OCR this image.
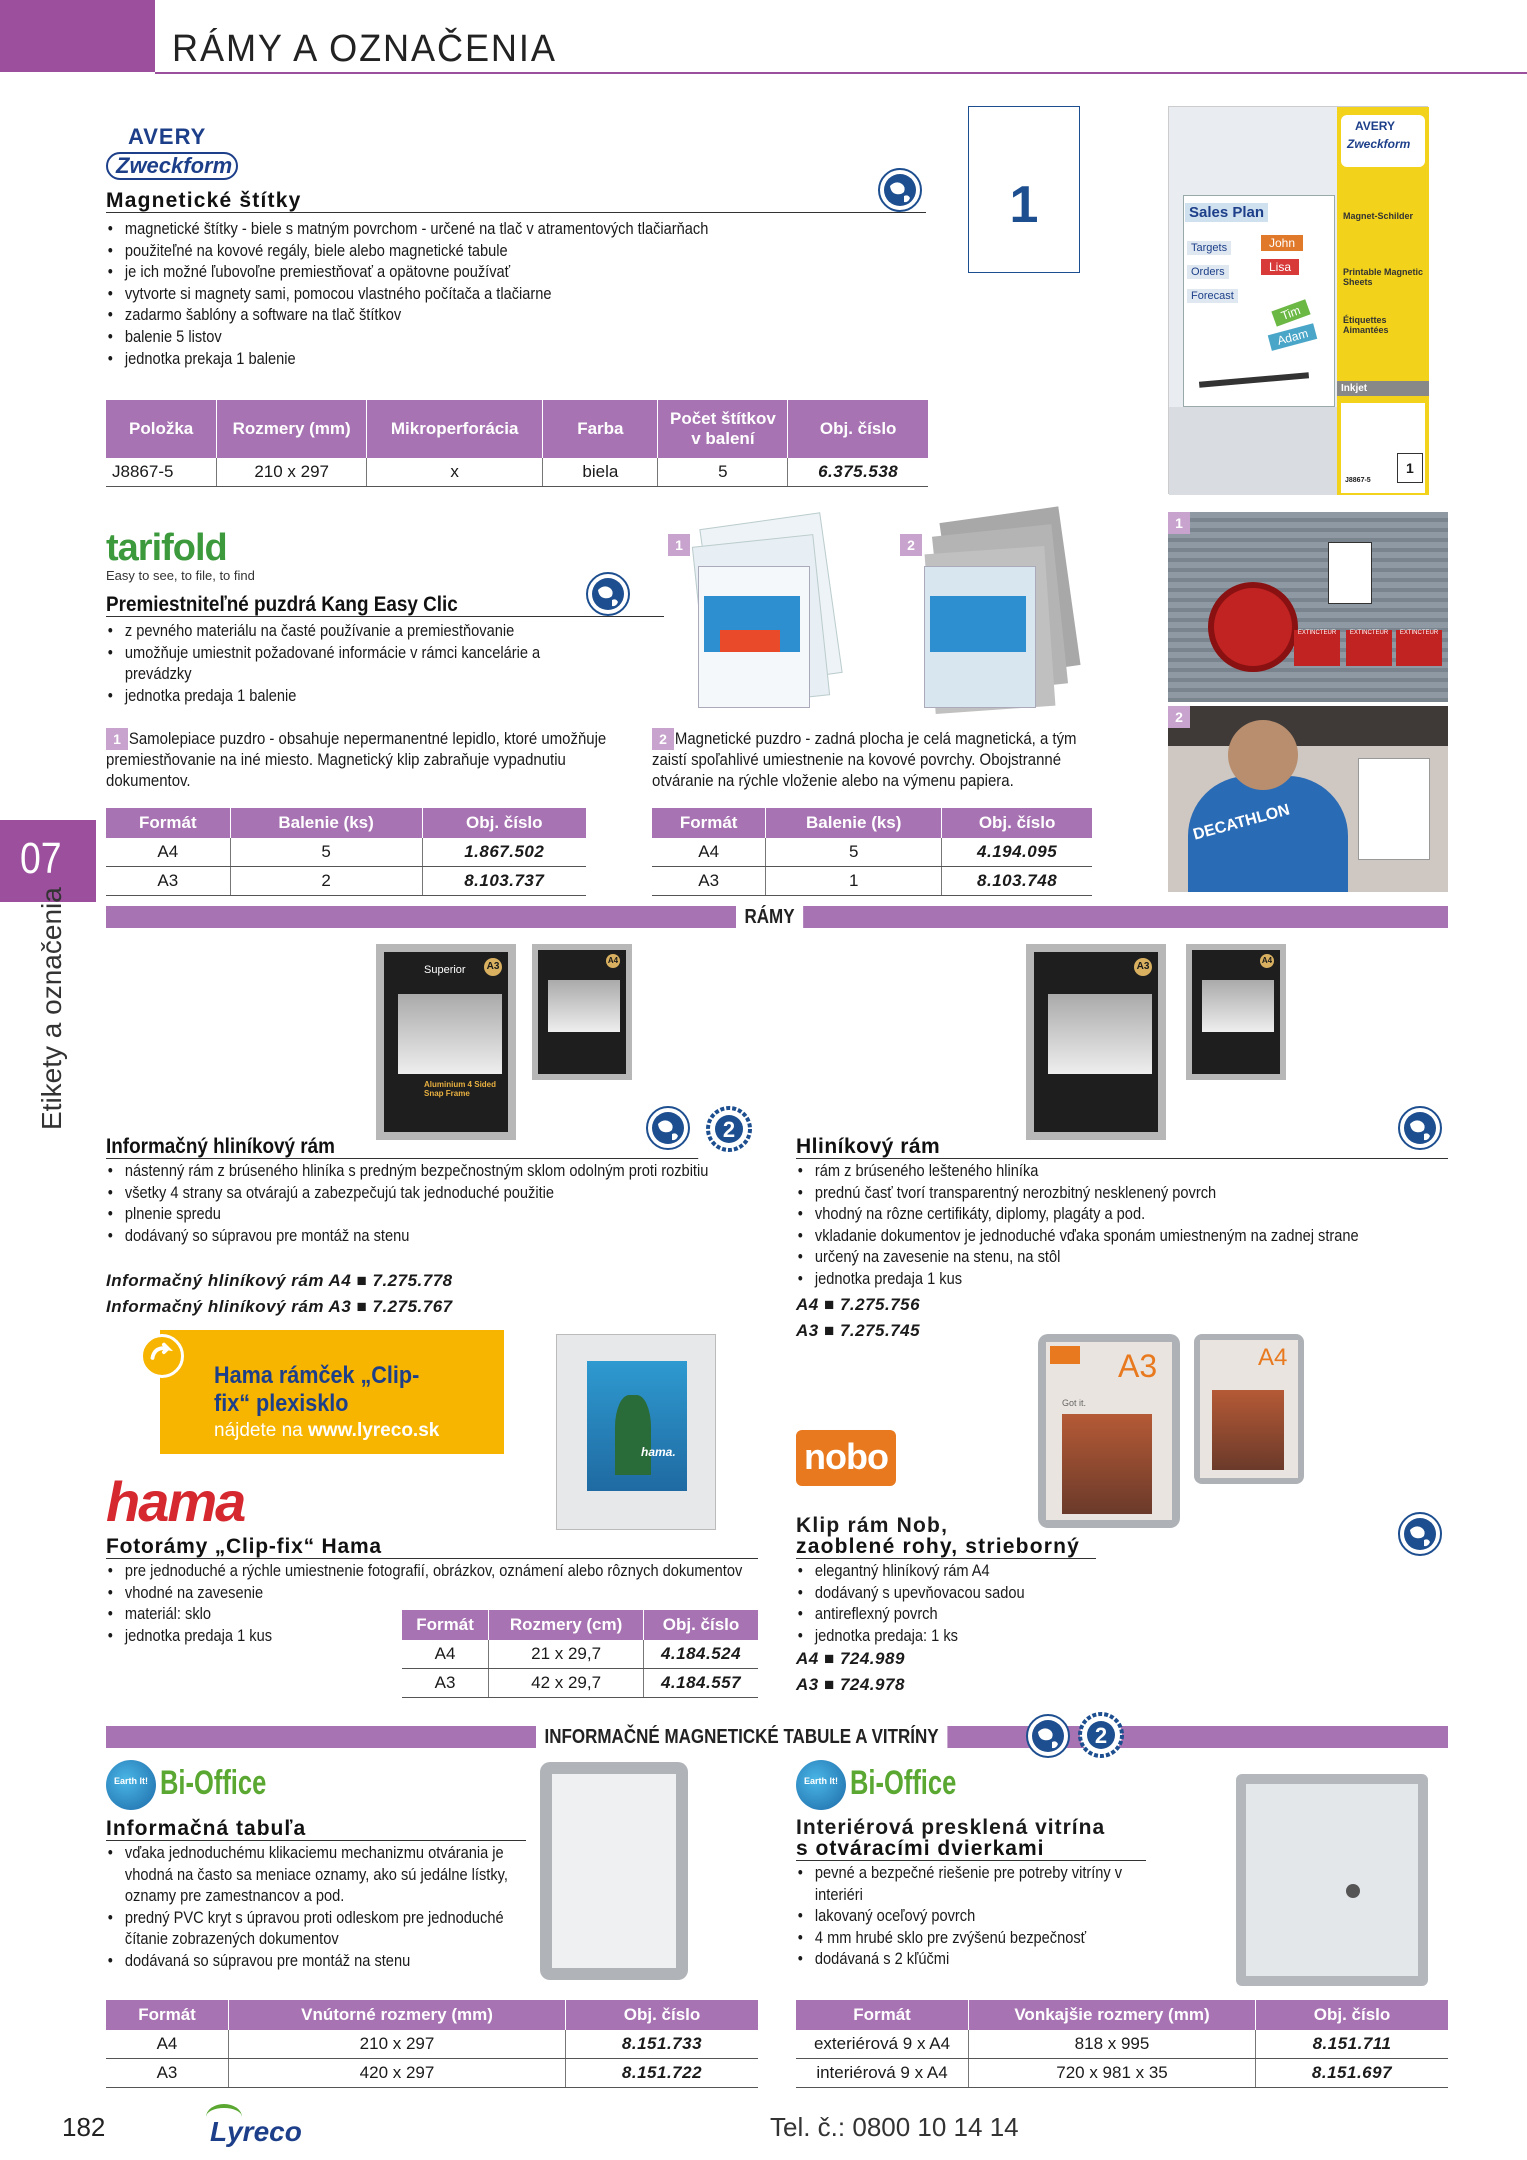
RÁMY A OZNAČENIA
07
Etikety a označenia
AVERY
Zweckform
Magnetické štítky
• magnetické štítky - biele s matným povrchom - určené na tlač v atramentových tlačiarňach
• použiteľné na kovové regály, biele alebo magnetické tabule
• je ich možné ľubovoľne premiestňovať a opätovne používať
• vytvorte si magnety sami, pomocou vlastného počítača a tlačiarne
• zadarmo šablóny a software na tlač štítkov
• balenie 5 listov
• jednotka prekaja 1 balenie
Položka	Rozmery (mm)	Mikroperforácia	Farba	Počet štítkov v balení	Obj. číslo
J8867-5	210 x 297	x	biela	5	6.375.538
1	Sales Plan
Targets
Orders
Forecast
John
Lisa
Tim
Adam
AVERY
Zweckform
Magnet-Schilder
Printable Magnetic Sheets
Étiquettes Aimantées
Inkjet
1
J8867-5
tarifold
Easy to see, to file, to find
Premiestniteľné puzdrá Kang Easy Clic
• z pevného materiálu na časté používanie a premiestňovanie
• umožňuje umiestnit požadované informácie v rámci kancelárie a prevádzky
• jednotka predaja 1 balenie
1	2
1 Samolepiace puzdro - obsahuje nepermanentné lepidlo, ktoré umožňuje premiestňovanie na iné miesto. Magnetický klip zabraňuje vypadnutiu dokumentov.
2 Magnetické puzdro - zadná plocha je celá magnetická, a tým zaistí spoľahlivé umiestnenie na kovové povrchy. Obojstranné otváranie na rýchle vloženie alebo na výmenu papiera.
Formát	Balenie (ks)	Obj. číslo
A4	5	1.867.502
A3	2	8.103.737
Formát	Balenie (ks)	Obj. číslo
A4	5	4.194.095
A3	1	8.103.748
EXTINCTEUR	EXTINCTEUR	EXTINCTEUR
1
DECATHLON
2
RÁMY
Superior A3
Aluminium 4 Sided Snap Frame
A4
2
Informačný hliníkový rám
• nástenný rám z brúseného hliníka s predným bezpečnostným sklom odolným proti rozbitiu
• všetky 4 strany sa otvárajú a zabezpečujú tak jednoduché použitie
• plnenie spredu
• dodávaný so súpravou pre montáž na stenu
Informačný hliníkový rám A4 ■ 7.275.778
Informačný hliníkový rám A3 ■ 7.275.767
A3
A4
Hliníkový rám
• rám z brúseného lešteného hliníka
• prednú časť tvorí transparentný nerozbitný nesklenený povrch
• vhodný na rôzne certifikáty, diplomy, plagáty a pod.
• vkladanie dokumentov je jednoduché vďaka sponám umiestneným na zadnej strane
• určený na zavesenie na stenu, na stôl
• jednotka predaja 1 kus
A4 ■ 7.275.756
A3 ■ 7.275.745
Hama rámček „Clip-fix“ plexisklo
nájdete na www.lyreco.sk
hama.
hama
Fotorámy „Clip-fix“ Hama
• pre jednoduché a rýchle umiestnenie fotografií, obrázkov, oznámení alebo rôznych dokumentov
• vhodné na zavesenie
• materiál: sklo
• jednotka predaja 1 kus
Formát	Rozmery (cm)	Obj. číslo
A4	21 x 29,7	4.184.524
A3	42 x 29,7	4.184.557
A3
Got it.
A4
nobo
Klip rám Nob,
zaoblené rohy, strieborný
• elegantný hliníkový rám A4
• dodávaný s upevňovacou sadou
• antireflexný povrch
• jednotka predaja: 1 ks
A4 ■ 724.989
A3 ■ 724.978
INFORMAČNÉ MAGNETICKÉ TABULE A VITRÍNY	2
Earth It! Bi-Office
Informačná tabuľa
• vďaka jednoduchému klikaciemu mechanizmu otvárania je vhodná na často sa meniace oznamy, ako sú jedálne lístky, oznamy pre zamestnancov a pod.
• predný PVC kryt s úpravou proti odleskom pre jednoduché čítanie zobrazených dokumentov
• dodávaná so súpravou pre montáž na stenu
Formát	Vnútorné rozmery (mm)	Obj. číslo
A4	210 x 297	8.151.733
A3	420 x 297	8.151.722
Earth It! Bi-Office
Interiérová presklená vitrína
s otváracími dvierkami
• pevné a bezpečné riešenie pre potreby vitríny v interiéri
• lakovaný oceľový povrch
• 4 mm hrubé sklo pre zvýšenú bezpečnosť
• dodávaná s 2 kľúčmi
Formát	Vonkajšie rozmery (mm)	Obj. číslo
exteriérová 9 x A4	818 x 995	8.151.711
interiérová 9 x A4	720 x 981 x 35	8.151.697
182	Lyreco	Tel. č.: 0800 10 14 14
